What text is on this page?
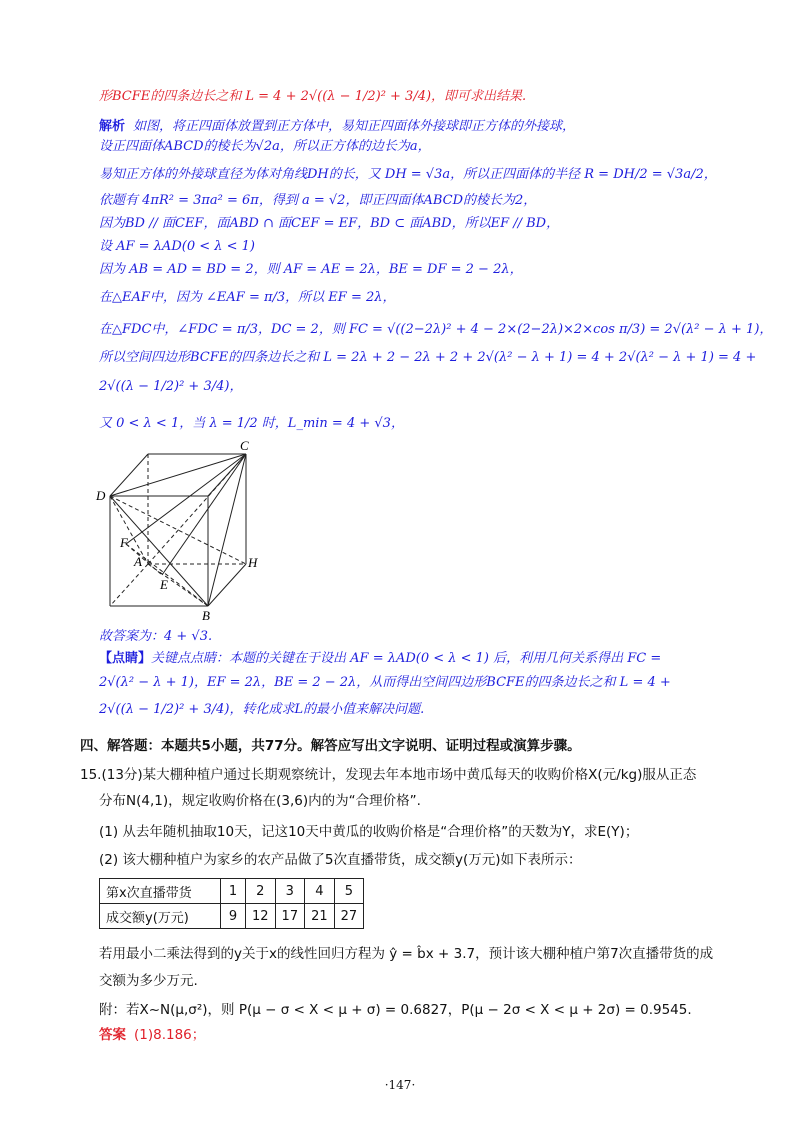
形BCFE的四条边长之和 L = 4 + 2√((λ − 1/2)² + 3/4)，即可求出结果.
解析 如图，将正四面体放置到正方体中，易知正四面体外接球即正方体的外接球，
设正四面体ABCD的棱长为√2a，所以正方体的边长为a，
易知正方体的外接球直径为体对角线DH的长，又 DH = √3a，所以正四面体的半径 R = DH/2 = √3a/2，
依题有 4πR² = 3πa² = 6π，得到 a = √2，即正四面体ABCD的棱长为2，
因为BD // 面CEF，面ABD ∩ 面CEF = EF，BD ⊂ 面ABD，所以EF // BD，
设 AF = λAD(0 < λ < 1)
因为 AB = AD = BD = 2，则 AF = AE = 2λ，BE = DF = 2 − 2λ，
在△EAF中，因为 ∠EAF = π/3，所以 EF = 2λ，
在△FDC中，∠FDC = π/3，DC = 2，则 FC = √((2−2λ)² + 4 − 2×(2−2λ)×2×cos π/3) = 2√(λ² − λ + 1)，
所以空间四边形BCFE的四条边长之和 L = 2λ + 2 − 2λ + 2 + 2√(λ² − λ + 1) = 4 + 2√(λ² − λ + 1) = 4 +
2√((λ − 1/2)² + 3/4)，
又 0 < λ < 1，当 λ = 1/2 时，L_min = 4 + √3，
C
D
F
A	H
E
B
故答案为：4 + √3.
【点睛】关键点点睛：本题的关键在于设出 AF = λAD(0 < λ < 1) 后，利用几何关系得出 FC =
2√(λ² − λ + 1)，EF = 2λ，BE = 2 − 2λ，从而得出空间四边形BCFE的四条边长之和 L = 4 +
2√((λ − 1/2)² + 3/4)，转化成求L的最小值来解决问题.
四、解答题：本题共5小题，共77分。解答应写出文字说明、证明过程或演算步骤。
15.(13分)某大棚种植户通过长期观察统计，发现去年本地市场中黄瓜每天的收购价格X(元/kg)服从正态
分布N(4,1)，规定收购价格在(3,6)内的为“合理价格”.
(1) 从去年随机抽取10天，记这10天中黄瓜的收购价格是“合理价格”的天数为Y，求E(Y)；
(2) 该大棚种植户为家乡的农产品做了5次直播带货，成交额y(万元)如下表所示：
第x次直播带货	1	2	3	4	5
成交额y(万元)	9	12	17	21	27
若用最小二乘法得到的y关于x的线性回归方程为 ŷ = b̂x + 3.7，预计该大棚种植户第7次直播带货的成
交额为多少万元.
附：若X~N(μ,σ²)，则 P(μ − σ < X < μ + σ) = 0.6827，P(μ − 2σ < X < μ + 2σ) = 0.9545.
答案 (1)8.186；
·147·
